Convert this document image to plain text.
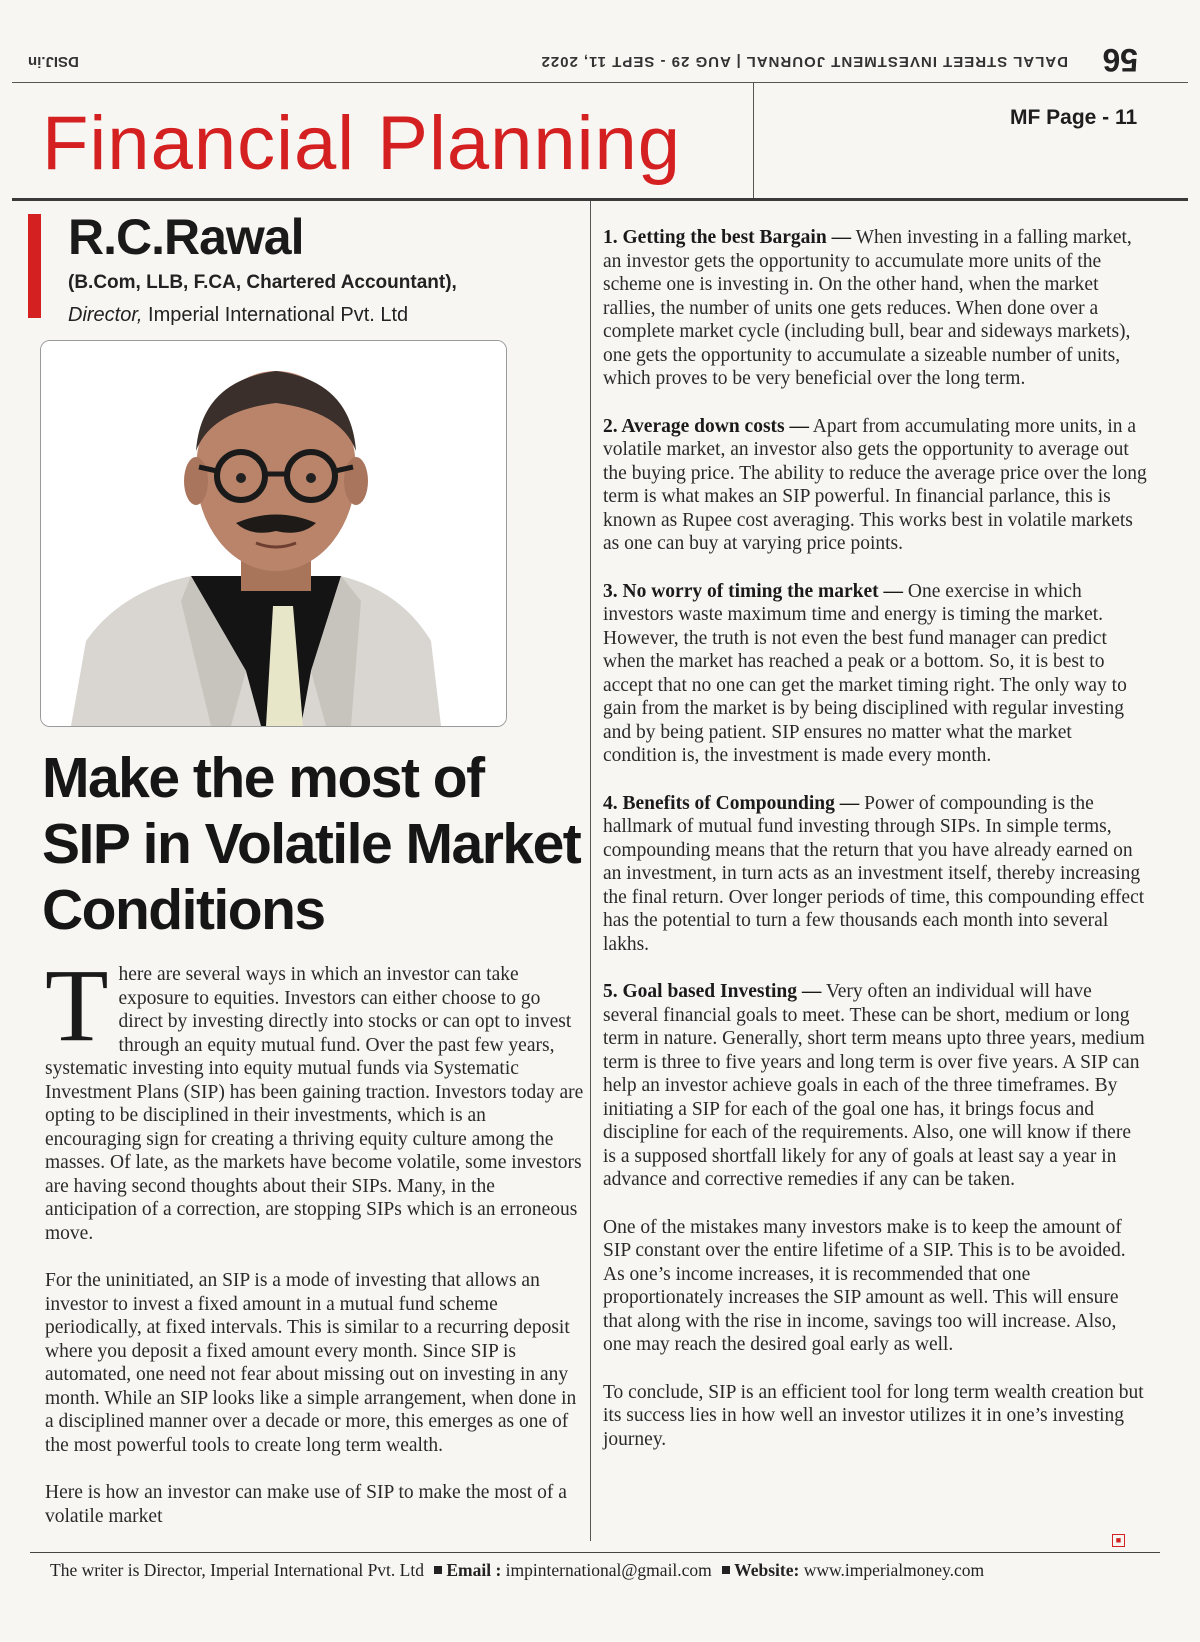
56
DALAL STREET INVESTMENT JOURNAL | AUG 29 - SEPT 11, 2022
DSIJ.in
Financial Planning	MF Page - 11
R.C.Rawal
(B.Com, LLB, F.CA, Chartered Accountant),
Director, Imperial International Pvt. Ltd
Make the most of SIP in Volatile Market Conditions

There are several ways in which an investor can take exposure to equities. Investors can either choose to go direct by investing directly into stocks or can opt to invest through an equity mutual fund. Over the past few years, systematic investing into equity mutual funds via Systematic Investment Plans (SIP) has been gaining traction. Investors today are opting to be disciplined in their investments, which is an encouraging sign for creating a thriving equity culture among the masses. Of late, as the markets have become volatile, some investors are having second thoughts about their SIPs. Many, in the anticipation of a correction, are stopping SIPs which is an erroneous move.

For the uninitiated, an SIP is a mode of investing that allows an investor to invest a fixed amount in a mutual fund scheme periodically, at fixed intervals. This is similar to a recurring deposit where you deposit a fixed amount every month. Since SIP is automated, one need not fear about missing out on investing in any month. While an SIP looks like a simple arrangement, when done in a disciplined manner over a decade or more, this emerges as one of the most powerful tools to create long term wealth.

Here is how an investor can make use of SIP to make the most of a volatile market

1. Getting the best Bargain — When investing in a falling market, an investor gets the opportunity to accumulate more units of the scheme one is investing in. On the other hand, when the market rallies, the number of units one gets reduces. When done over a complete market cycle (including bull, bear and sideways markets), one gets the opportunity to accumulate a sizeable number of units, which proves to be very beneficial over the long term.

2. Average down costs — Apart from accumulating more units, in a volatile market, an investor also gets the opportunity to average out the buying price. The ability to reduce the average price over the long term is what makes an SIP powerful. In financial parlance, this is known as Rupee cost averaging. This works best in volatile markets as one can buy at varying price points.

3. No worry of timing the market — One exercise in which investors waste maximum time and energy is timing the market. However, the truth is not even the best fund manager can predict when the market has reached a peak or a bottom. So, it is best to accept that no one can get the market timing right. The only way to gain from the market is by being disciplined with regular investing and by being patient. SIP ensures no matter what the market condition is, the investment is made every month.

4. Benefits of Compounding — Power of compounding is the hallmark of mutual fund investing through SIPs. In simple terms, compounding means that the return that you have already earned on an investment, in turn acts as an investment itself, thereby increasing the final return. Over longer periods of time, this compounding effect has the potential to turn a few thousands each month into several lakhs.

5. Goal based Investing — Very often an individual will have several financial goals to meet. These can be short, medium or long term in nature. Generally, short term means upto three years, medium term is three to five years and long term is over five years. A SIP can help an investor achieve goals in each of the three timeframes. By initiating a SIP for each of the goal one has, it brings focus and discipline for each of the requirements. Also, one will know if there is a supposed shortfall likely for any of goals at least say a year in advance and corrective remedies if any can be taken.

One of the mistakes many investors make is to keep the amount of SIP constant over the entire lifetime of a SIP. This is to be avoided. As one’s income increases, it is recommended that one proportionately increases the SIP amount as well. This will ensure that along with the rise in income, savings too will increase. Also, one may reach the desired goal early as well.

To conclude, SIP is an efficient tool for long term wealth creation but its success lies in how well an investor utilizes it in one’s investing journey.

■
The writer is Director, Imperial International Pvt. Ltd Email : impinternational@gmail.com Website: www.imperialmoney.com
